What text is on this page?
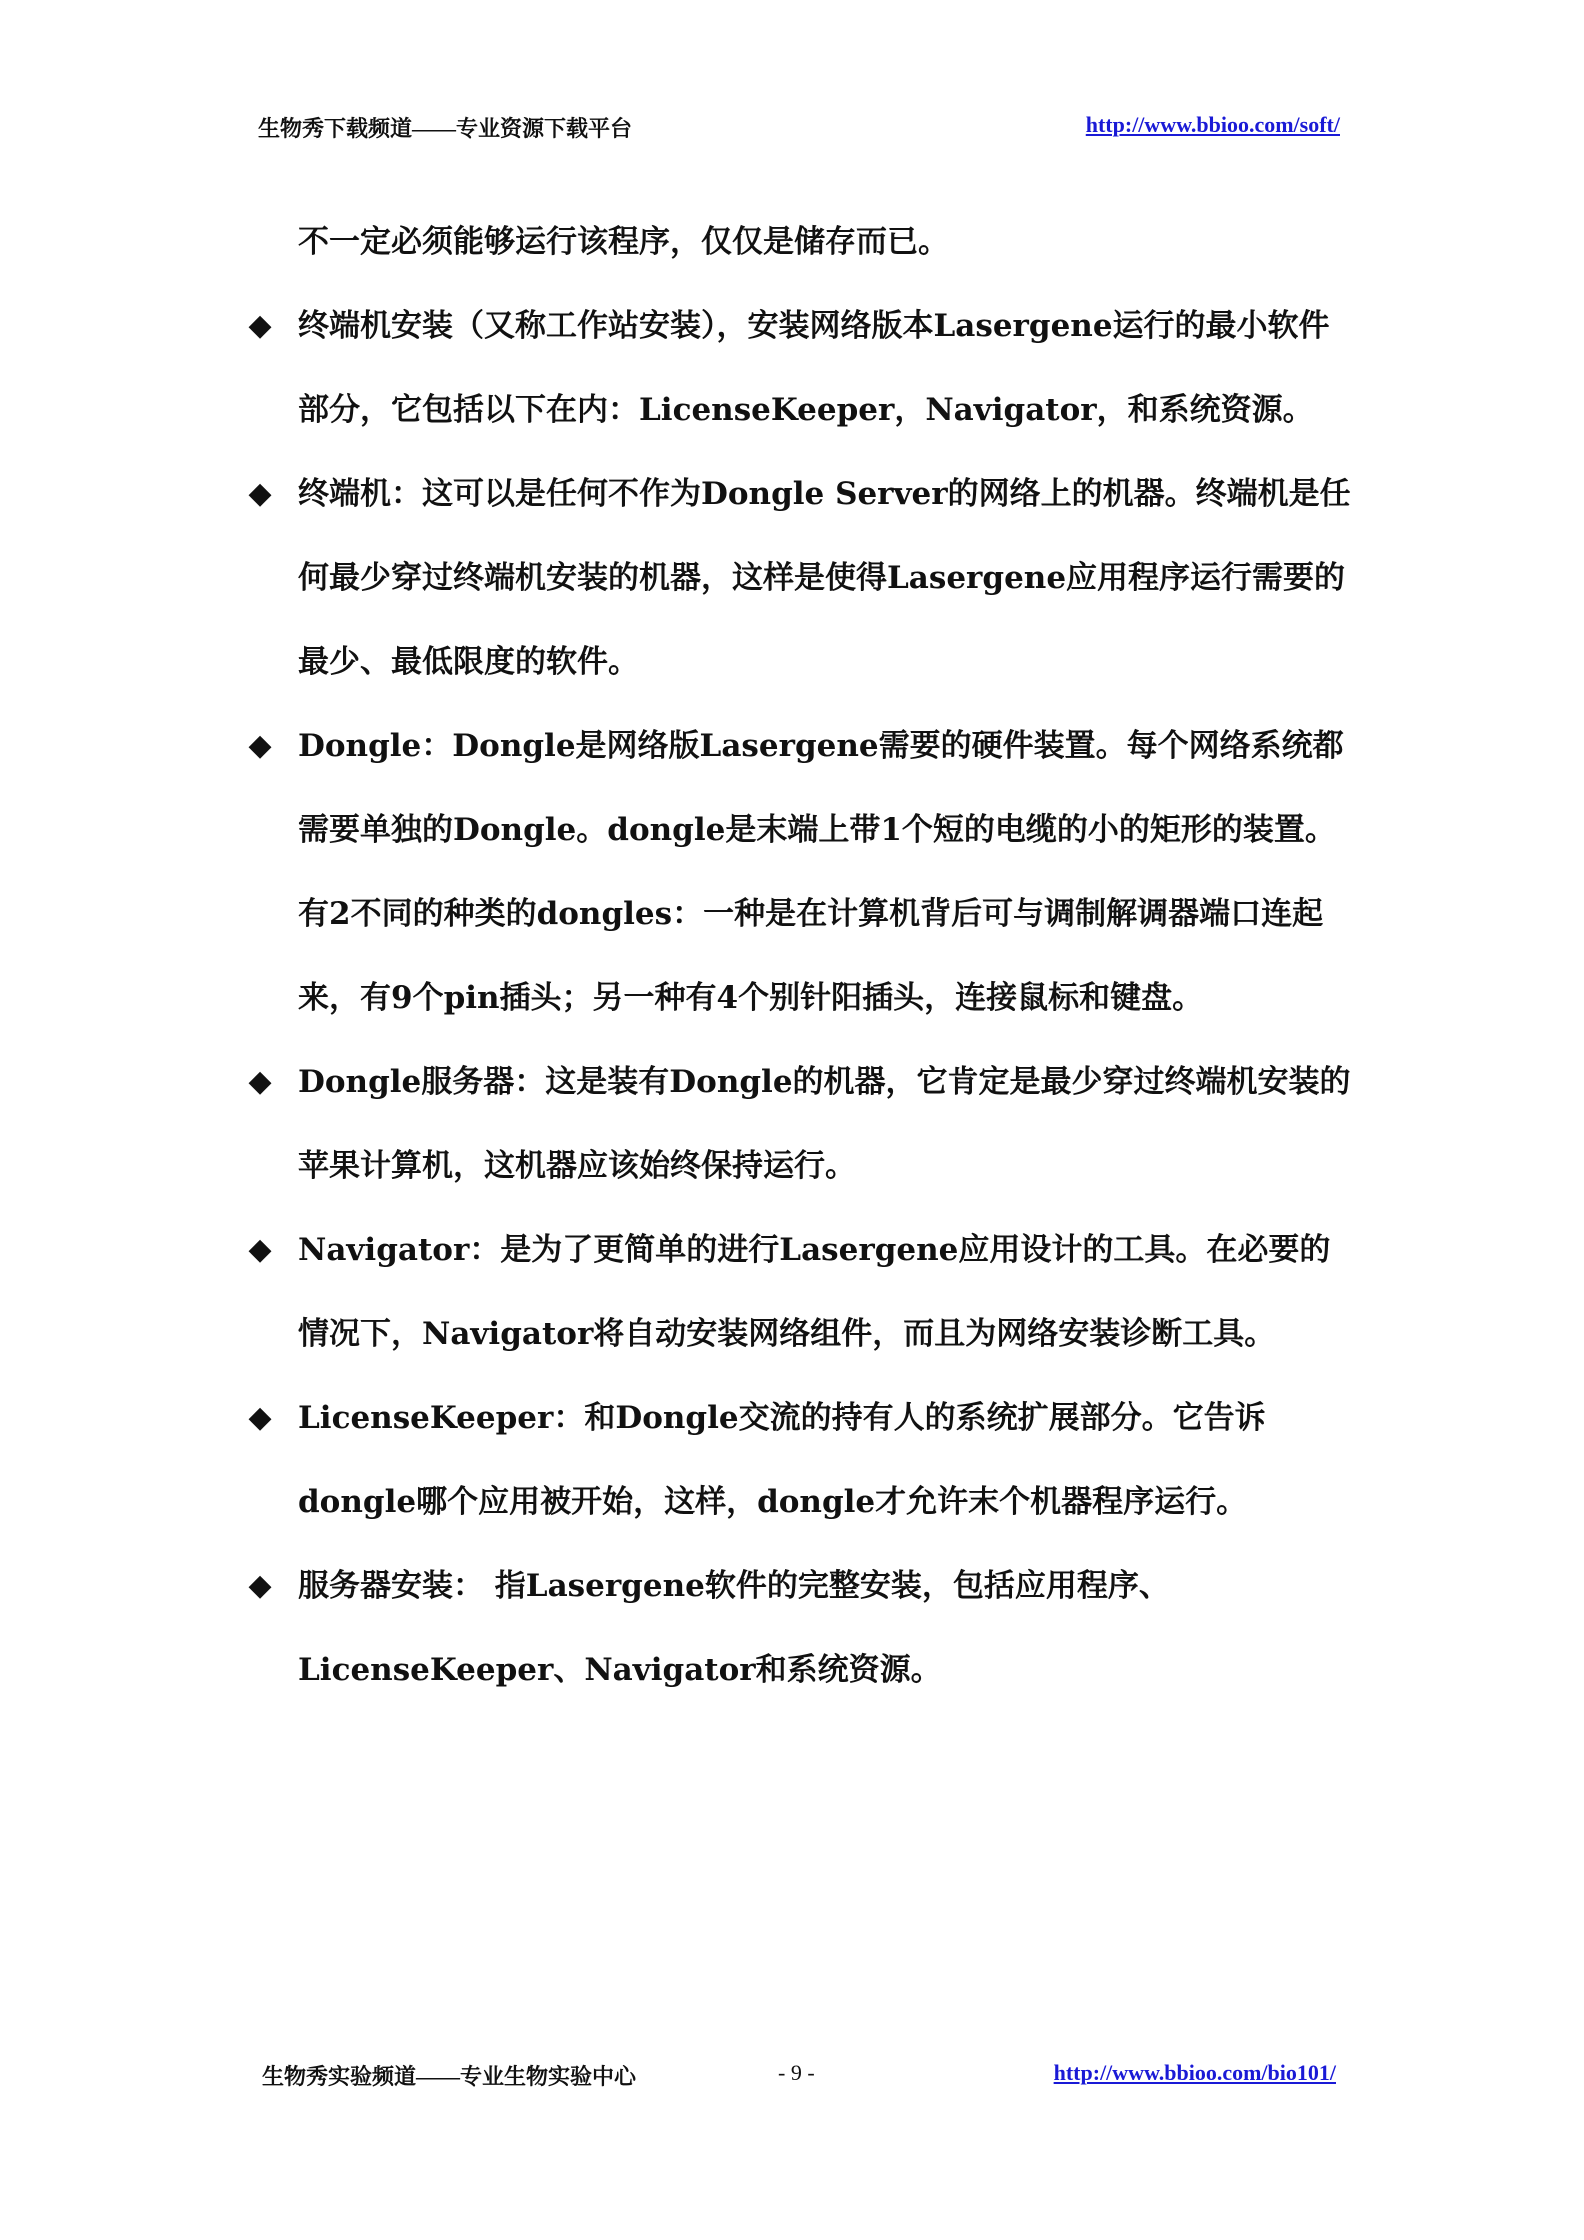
生物秀下载频道——专业资源下载平台	http://www.bbioo.com/soft/

不一定必须能够运行该程序，仅仅是储存而已。

◆ 终端机安装（又称工作站安装），安装网络版本Lasergene运行的最小软件部分，它包括以下在内：LicenseKeeper，Navigator，和系统资源。
◆ 终端机：这可以是任何不作为Dongle Server的网络上的机器。终端机是任何最少穿过终端机安装的机器，这样是使得Lasergene应用程序运行需要的最少、最低限度的软件。
◆ Dongle：Dongle是网络版Lasergene需要的硬件装置。每个网络系统都需要单独的Dongle。dongle是末端上带1个短的电缆的小的矩形的装置。有2不同的种类的dongles：一种是在计算机背后可与调制解调器端口连起来，有9个pin插头；另一种有4个别针阳插头，连接鼠标和键盘。
◆ Dongle服务器：这是装有Dongle的机器，它肯定是最少穿过终端机安装的苹果计算机，这机器应该始终保持运行。
◆ Navigator：是为了更简单的进行Lasergene应用设计的工具。在必要的情况下，Navigator将自动安装网络组件，而且为网络安装诊断工具。
◆ LicenseKeeper：和Dongle交流的持有人的系统扩展部分。它告诉dongle哪个应用被开始，这样，dongle才允许末个机器程序运行。
◆ 服务器安装： 指Lasergene软件的完整安装，包括应用程序、LicenseKeeper、Navigator和系统资源。
生物秀实验频道——专业生物实验中心	- 9 -	http://www.bbioo.com/bio101/
